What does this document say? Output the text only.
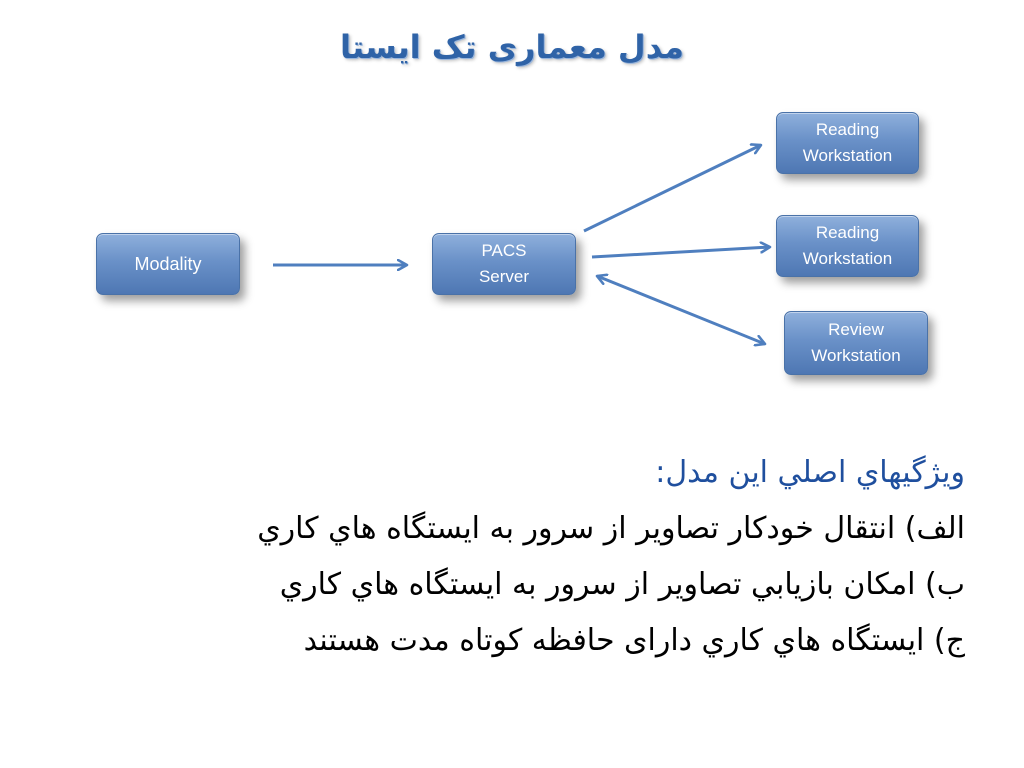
مدل معماری تک ایستا
Modality
PACS
Server
Reading
Workstation
Reading
Workstation
Review
Workstation
ويژگيهاي اصلي اين مدل:
الف) انتقال خودکار تصاوير از سرور به ايستگاه هاي کاري
ب) امکان بازيابي تصاوير از سرور به ايستگاه هاي کاري
ج) ايستگاه هاي کاري دارای حافظه کوتاه مدت هستند
